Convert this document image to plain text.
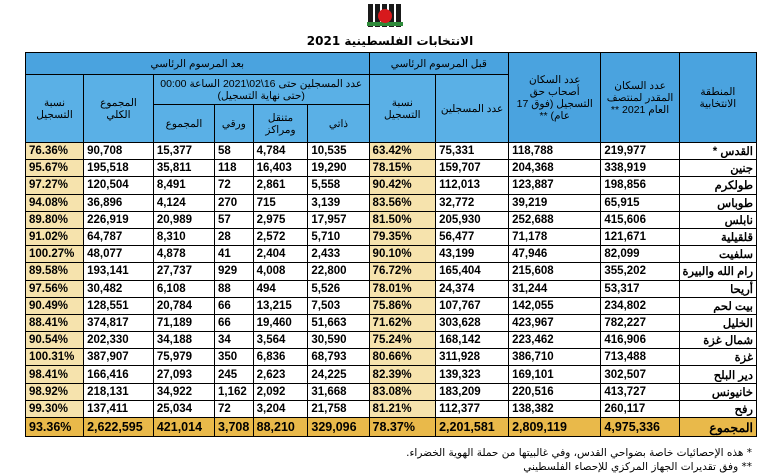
الانتخابات الفلسطينية 2021
المنطقة الانتخابية	عدد السكان المقدر لمنتصف العام 2021 **	عدد السكان أصحاب حق التسجيل (فوق 17 عام) **	قبل المرسوم الرئاسي		بعد المرسوم الرئاسي					
			عدد المسجلين	نسبة التسجيل	عدد المسجلين حتى 16\02\2021 الساعة 00:00 (حتى نهاية التسجيل)				المجموع الكلي	نسبة التسجيل
					ذاتي	متنقل ومراكز	ورقي	المجموع		
القدس *	219,977	118,788	75,331	63.42%	10,535	4,784	58	15,377	90,708	76.36%
جنين	338,919	204,368	159,707	78.15%	19,290	16,403	118	35,811	195,518	95.67%
طولكرم	198,856	123,887	112,013	90.42%	5,558	2,861	72	8,491	120,504	97.27%
طوباس	65,915	39,219	32,772	83.56%	3,139	715	270	4,124	36,896	94.08%
نابلس	415,606	252,688	205,930	81.50%	17,957	2,975	57	20,989	226,919	89.80%
قلقيلية	121,671	71,178	56,477	79.35%	5,710	2,572	28	8,310	64,787	91.02%
سلفيت	82,099	47,946	43,199	90.10%	2,433	2,404	41	4,878	48,077	100.27%
رام الله والبيرة	355,202	215,608	165,404	76.72%	22,800	4,008	929	27,737	193,141	89.58%
أريحا	53,317	31,244	24,374	78.01%	5,526	494	88	6,108	30,482	97.56%
بيت لحم	234,802	142,055	107,767	75.86%	7,503	13,215	66	20,784	128,551	90.49%
الخليل	782,227	423,967	303,628	71.62%	51,663	19,460	66	71,189	374,817	88.41%
شمال غزة	416,906	223,462	168,142	75.24%	30,590	3,564	34	34,188	202,330	90.54%
غزة	713,488	386,710	311,928	80.66%	68,793	6,836	350	75,979	387,907	100.31%
دير البلح	302,507	169,101	139,323	82.39%	24,225	2,623	245	27,093	166,416	98.41%
خانيونس	413,727	220,516	183,209	83.08%	31,668	2,092	1,162	34,922	218,131	98.92%
رفح	260,117	138,382	112,377	81.21%	21,758	3,204	72	25,034	137,411	99.30%
المجموع	4,975,336	2,809,119	2,201,581	78.37%	329,096	88,210	3,708	421,014	2,622,595	93.36%
* هذه الإحصائيات خاصة بضواحي القدس، وفي غالبيتها من حملة الهوية الخضراء.
** وفق تقديرات الجهاز المركزي للإحصاء الفلسطيني
